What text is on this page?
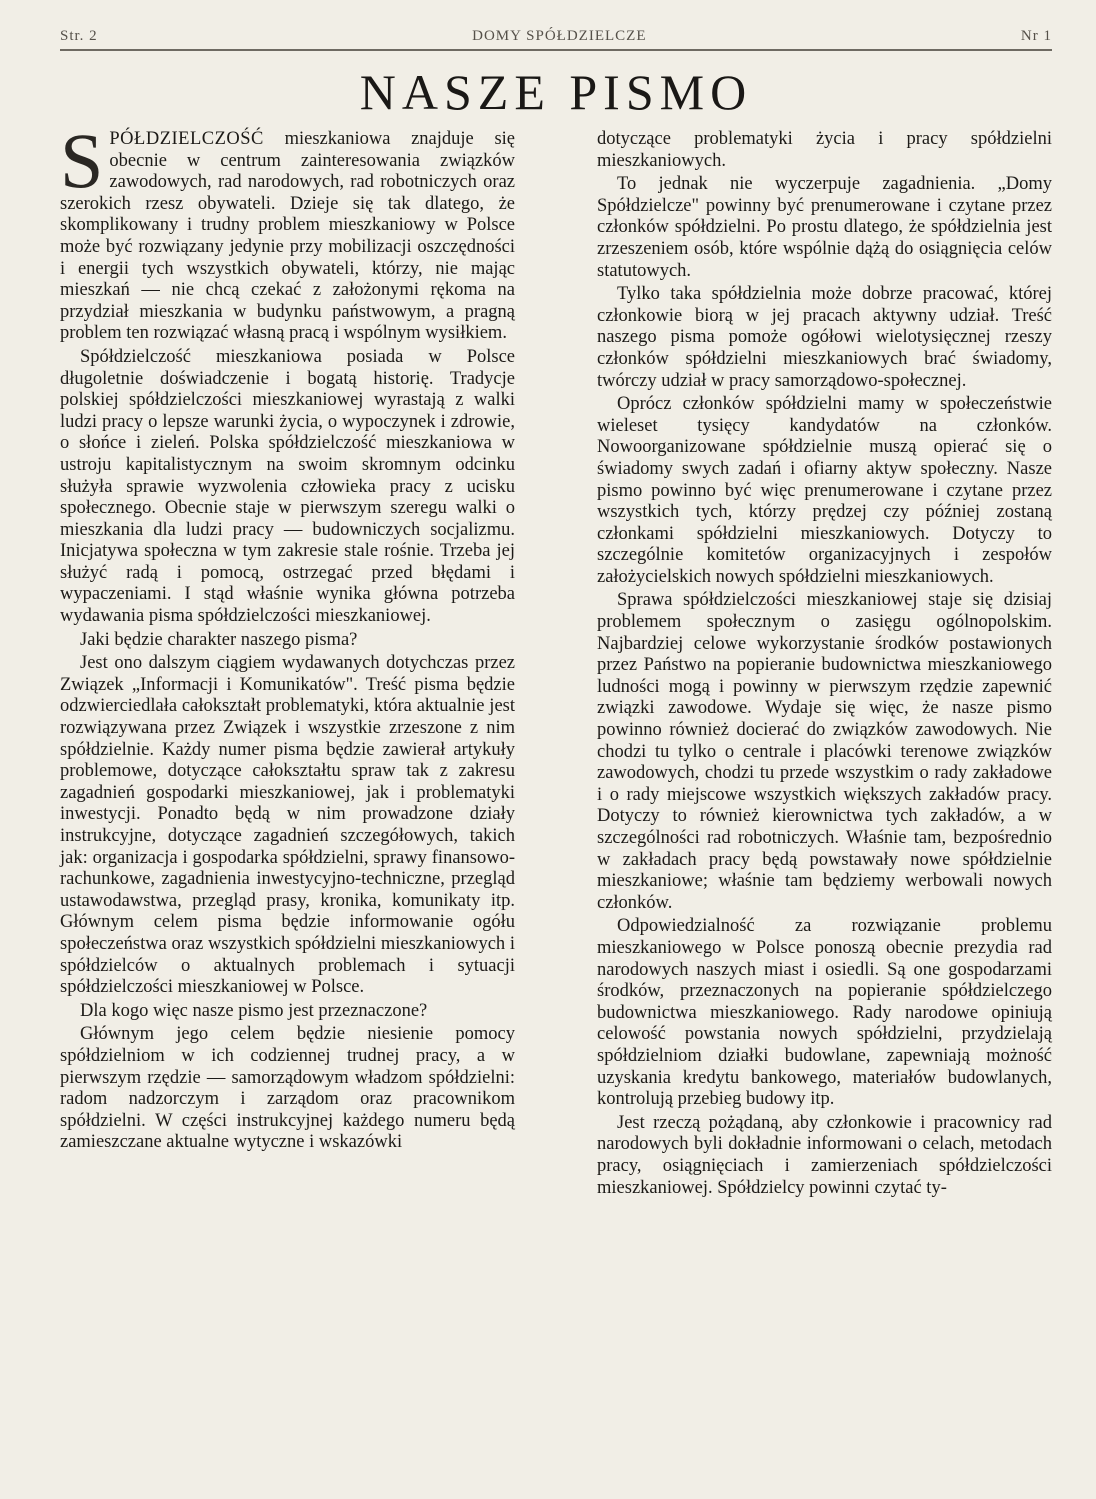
Str. 2	DOMY SPÓŁDZIELCZE	Nr 1
NASZE PISMO

SPÓŁDZIELCZOŚĆ mieszkaniowa znajduje się obecnie w centrum zainteresowania związków zawodowych, rad narodowych, rad robotniczych oraz szerokich rzesz obywateli. Dzieje się tak dlatego, że skomplikowany i trudny problem mieszkaniowy w Polsce może być rozwiązany jedynie przy mobilizacji oszczędności i energii tych wszystkich obywateli, którzy, nie mając mieszkań — nie chcą czekać z założonymi rękoma na przydział mieszkania w budynku państwowym, a pragną problem ten rozwiązać własną pracą i wspólnym wysiłkiem.

Spółdzielczość mieszkaniowa posiada w Polsce długoletnie doświadczenie i bogatą historię. Tradycje polskiej spółdzielczości mieszkaniowej wyrastają z walki ludzi pracy o lepsze warunki życia, o wypoczynek i zdrowie, o słońce i zieleń. Polska spółdzielczość mieszkaniowa w ustroju kapitalistycznym na swoim skromnym odcinku służyła sprawie wyzwolenia człowieka pracy z ucisku społecznego. Obecnie staje w pierwszym szeregu walki o mieszkania dla ludzi pracy — budowniczych socjalizmu. Inicjatywa społeczna w tym zakresie stale rośnie. Trzeba jej służyć radą i pomocą, ostrzegać przed błędami i wypaczeniami. I stąd właśnie wynika główna potrzeba wydawania pisma spółdzielczości mieszkaniowej.

Jaki będzie charakter naszego pisma?

Jest ono dalszym ciągiem wydawanych dotychczas przez Związek „Informacji i Komunikatów". Treść pisma będzie odzwierciedlała całokształt problematyki, która aktualnie jest rozwiązywana przez Związek i wszystkie zrzeszone z nim spółdzielnie. Każdy numer pisma będzie zawierał artykuły problemowe, dotyczące całokształtu spraw tak z zakresu zagadnień gospodarki mieszkaniowej, jak i problematyki inwestycji. Ponadto będą w nim prowadzone działy instrukcyjne, dotyczące zagadnień szczegółowych, takich jak: organizacja i gospodarka spółdzielni, sprawy finansowo-rachunkowe, zagadnienia inwestycyjno-techniczne, przegląd ustawodawstwa, przegląd prasy, kronika, komunikaty itp. Głównym celem pisma będzie informowanie ogółu społeczeństwa oraz wszystkich spółdzielni mieszkaniowych i spółdzielców o aktualnych problemach i sytuacji spółdzielczości mieszkaniowej w Polsce.

Dla kogo więc nasze pismo jest przeznaczone?

Głównym jego celem będzie niesienie pomocy spółdzielniom w ich codziennej trudnej pracy, a w pierwszym rzędzie — samorządowym władzom spółdzielni: radom nadzorczym i zarządom oraz pracownikom spółdzielni. W części instrukcyjnej każdego numeru będą zamieszczane aktualne wytyczne i wskazówki

dotyczące problematyki życia i pracy spółdzielni mieszkaniowych.

To jednak nie wyczerpuje zagadnienia. „Domy Spółdzielcze" powinny być prenumerowane i czytane przez członków spółdzielni. Po prostu dlatego, że spółdzielnia jest zrzeszeniem osób, które wspólnie dążą do osiągnięcia celów statutowych.

Tylko taka spółdzielnia może dobrze pracować, której członkowie biorą w jej pracach aktywny udział. Treść naszego pisma pomoże ogółowi wielotysięcznej rzeszy członków spółdzielni mieszkaniowych brać świadomy, twórczy udział w pracy samorządowo-społecznej.

Oprócz członków spółdzielni mamy w społeczeństwie wieleset tysięcy kandydatów na członków. Nowoorganizowane spółdzielnie muszą opierać się o świadomy swych zadań i ofiarny aktyw społeczny. Nasze pismo powinno być więc prenumerowane i czytane przez wszystkich tych, którzy prędzej czy później zostaną członkami spółdzielni mieszkaniowych. Dotyczy to szczególnie komitetów organizacyjnych i zespołów założycielskich nowych spółdzielni mieszkaniowych.

Sprawa spółdzielczości mieszkaniowej staje się dzisiaj problemem społecznym o zasięgu ogólnopolskim. Najbardziej celowe wykorzystanie środków postawionych przez Państwo na popieranie budownictwa mieszkaniowego ludności mogą i powinny w pierwszym rzędzie zapewnić związki zawodowe. Wydaje się więc, że nasze pismo powinno również docierać do związków zawodowych. Nie chodzi tu tylko o centrale i placówki terenowe związków zawodowych, chodzi tu przede wszystkim o rady zakładowe i o rady miejscowe wszystkich większych zakładów pracy. Dotyczy to również kierownictwa tych zakładów, a w szczególności rad robotniczych. Właśnie tam, bezpośrednio w zakładach pracy będą powstawały nowe spółdzielnie mieszkaniowe; właśnie tam będziemy werbowali nowych członków.

Odpowiedzialność za rozwiązanie problemu mieszkaniowego w Polsce ponoszą obecnie prezydia rad narodowych naszych miast i osiedli. Są one gospodarzami środków, przeznaczonych na popieranie spółdzielczego budownictwa mieszkaniowego. Rady narodowe opiniują celowość powstania nowych spółdzielni, przydzielają spółdzielniom działki budowlane, zapewniają możność uzyskania kredytu bankowego, materiałów budowlanych, kontrolują przebieg budowy itp.

Jest rzeczą pożądaną, aby członkowie i pracownicy rad narodowych byli dokładnie informowani o celach, metodach pracy, osiągnięciach i zamierzeniach spółdzielczości mieszkaniowej. Spółdzielcy powinni czytać ty-
